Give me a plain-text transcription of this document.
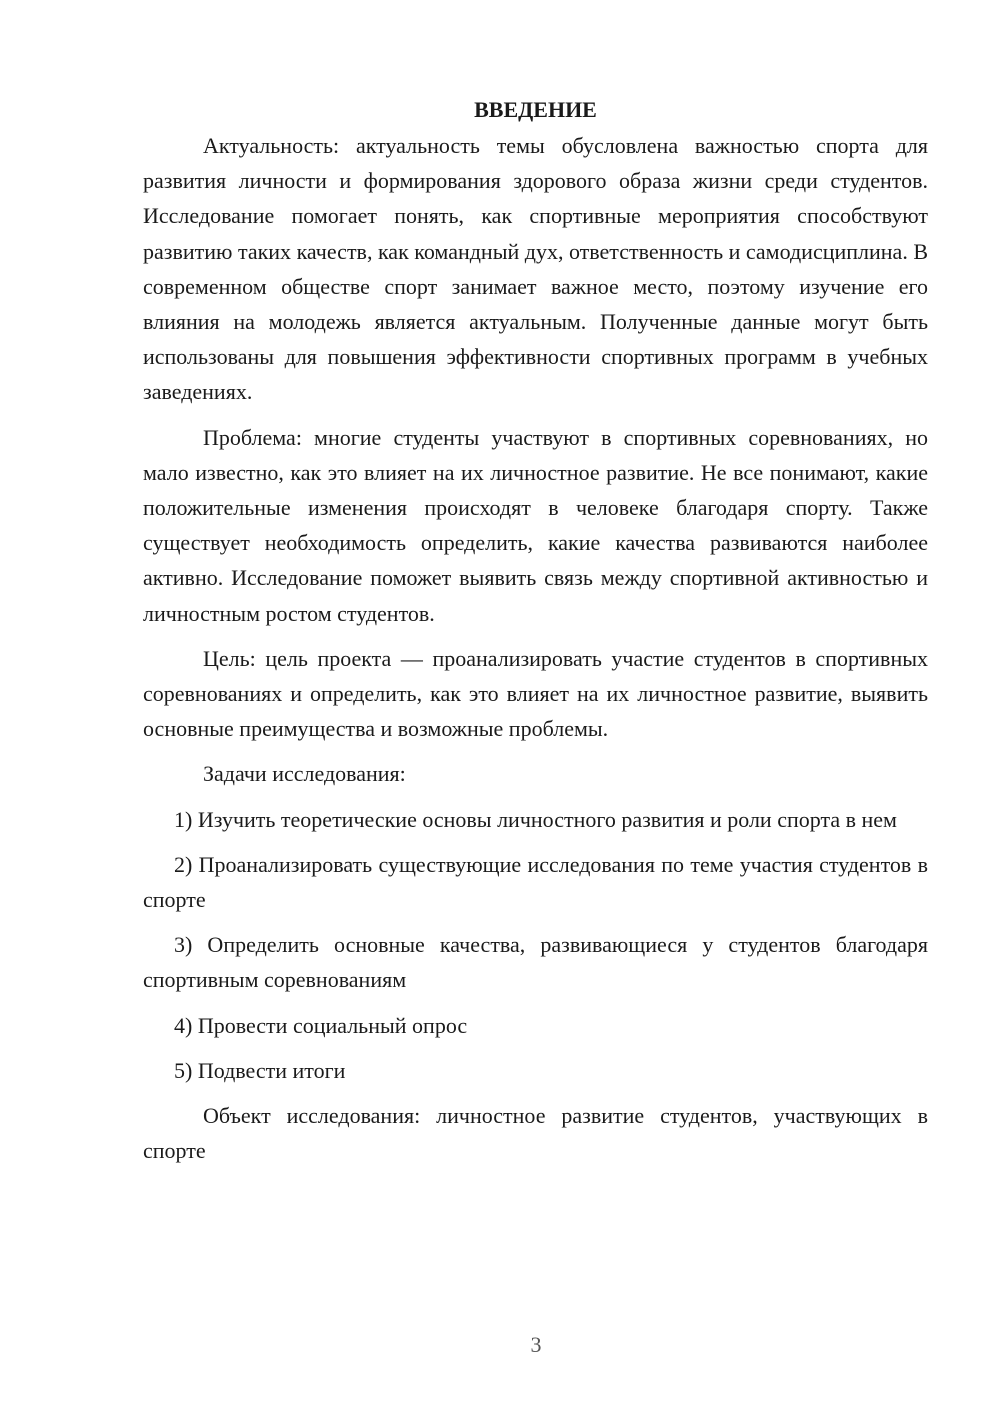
ВВЕДЕНИЕ

Актуальность: актуальность темы обусловлена важностью спорта для развития личности и формирования здорового образа жизни среди студентов. Исследование помогает понять, как спортивные мероприятия способствуют развитию таких качеств, как командный дух, ответственность и самодисциплина. В современном обществе спорт занимает важное место, поэтому изучение его влияния на молодежь является актуальным. Полученные данные могут быть использованы для повышения эффективности спортивных программ в учебных заведениях.

Проблема: многие студенты участвуют в спортивных соревнованиях, но мало известно, как это влияет на их личностное развитие. Не все понимают, какие положительные изменения происходят в человеке благодаря спорту. Также существует необходимость определить, какие качества развиваются наиболее активно. Исследование поможет выявить связь между спортивной активностью и личностным ростом студентов.

Цель: цель проекта — проанализировать участие студентов в спортивных соревнованиях и определить, как это влияет на их личностное развитие, выявить основные преимущества и возможные проблемы.

Задачи исследования:

1) Изучить теоретические основы личностного развития и роли спорта в нем

2) Проанализировать существующие исследования по теме участия студентов в спорте

3) Определить основные качества, развивающиеся у студентов благодаря спортивным соревнованиям

4) Провести социальный опрос

5) Подвести итоги

Объект исследования: личностное развитие студентов, участвующих в спорте

3
